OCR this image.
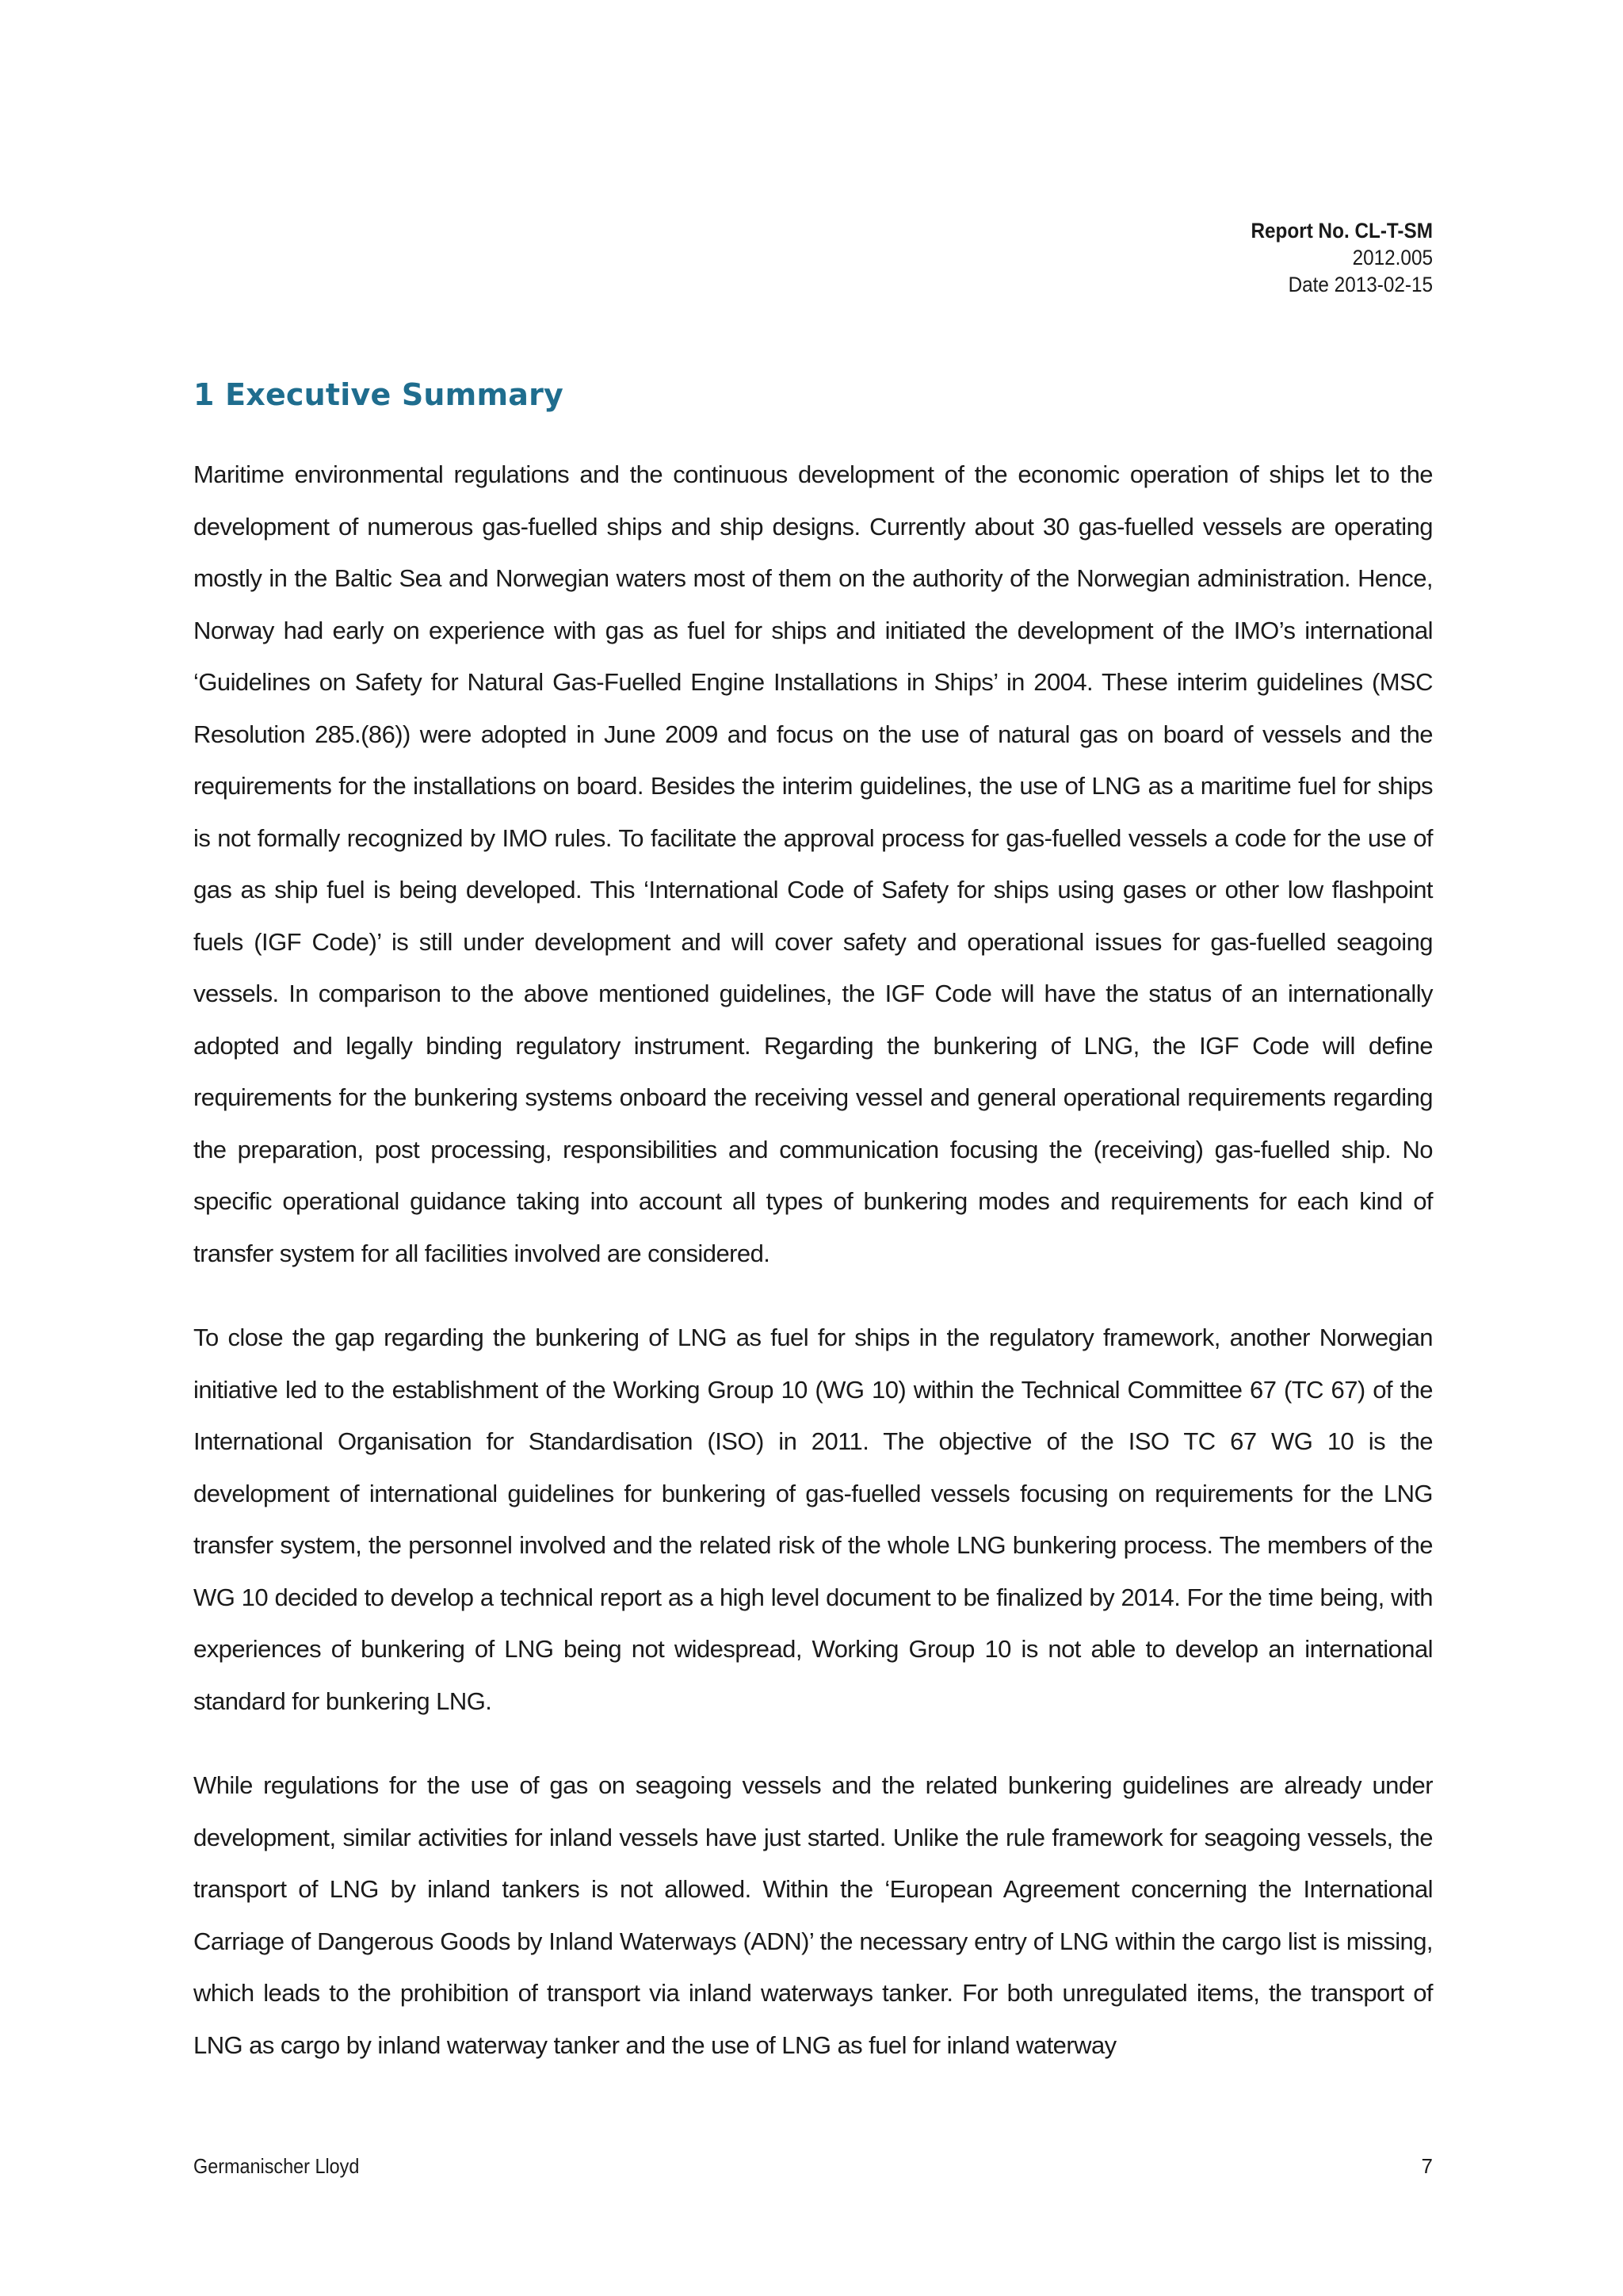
Report No. CL-T-SM
2012.005
Date 2013-02-15
1 Executive Summary

Maritime environmental regulations and the continuous development of the economic operation of ships let to the development of numerous gas-fuelled ships and ship designs. Currently about 30 gas-fuelled vessels are operating mostly in the Baltic Sea and Norwegian waters most of them on the authority of the Norwegian administration. Hence, Norway had early on experience with gas as fuel for ships and initiated the development of the IMO’s international ‘Guidelines on Safety for Natural Gas-Fuelled Engine Installations in Ships’ in 2004. These interim guidelines (MSC Resolution 285.(86)) were adopted in June 2009 and focus on the use of natural gas on board of vessels and the requirements for the installations on board. Besides the interim guidelines, the use of LNG as a maritime fuel for ships is not formally recognized by IMO rules. To facilitate the approval process for gas-fuelled vessels a code for the use of gas as ship fuel is being developed. This ‘International Code of Safety for ships using gases or other low flashpoint fuels (IGF Code)’ is still under development and will cover safety and operational issues for gas-fuelled seagoing vessels. In comparison to the above mentioned guidelines, the IGF Code will have the status of an internationally adopted and legally binding regulatory instrument. Regarding the bunkering of LNG, the IGF Code will define requirements for the bunkering systems onboard the receiving vessel and general operational requirements regarding the preparation, post processing, responsibilities and communication focusing the (receiving) gas-fuelled ship. No specific operational guidance taking into account all types of bunkering modes and requirements for each kind of transfer system for all facilities involved are considered.

To close the gap regarding the bunkering of LNG as fuel for ships in the regulatory framework, another Norwegian initiative led to the establishment of the Working Group 10 (WG 10) within the Technical Committee 67 (TC 67) of the International Organisation for Standardisation (ISO) in 2011. The objective of the ISO TC 67 WG 10 is the development of international guidelines for bunkering of gas-fuelled vessels focusing on requirements for the LNG transfer system, the personnel involved and the related risk of the whole LNG bunkering process. The members of the WG 10 decided to develop a technical report as a high level document to be finalized by 2014. For the time being, with experiences of bunkering of LNG being not widespread, Working Group 10 is not able to develop an international standard for bunkering LNG.

While regulations for the use of gas on seagoing vessels and the related bunkering guidelines are already under development, similar activities for inland vessels have just started. Unlike the rule framework for seagoing vessels, the transport of LNG by inland tankers is not allowed. Within the ‘European Agreement concerning the International Carriage of Dangerous Goods by Inland Waterways (ADN)’ the necessary entry of LNG within the cargo list is missing, which leads to the prohibition of transport via inland waterways tanker. For both unregulated items, the transport of LNG as cargo by inland waterway tanker and the use of LNG as fuel for inland waterway

Germanischer Lloyd	7
